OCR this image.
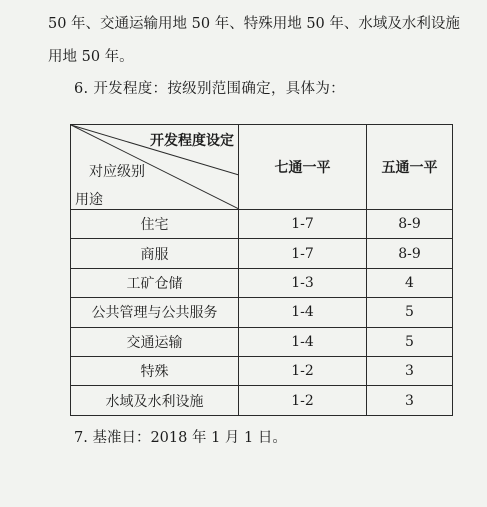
50 年、交通运输用地 50 年、特殊用地 50 年、水域及水利设施
用地 50 年。
6. 开发程度：按级别范围确定，具体为：
开发程度设定
对应级别
用途	七通一平	五通一平
住宅	1-7	8-9
商服	1-7	8-9
工矿仓储	1-3	4
公共管理与公共服务	1-4	5
交通运输	1-4	5
特殊	1-2	3
水域及水利设施	1-2	3
7. 基准日：2018 年 1 月 1 日。
